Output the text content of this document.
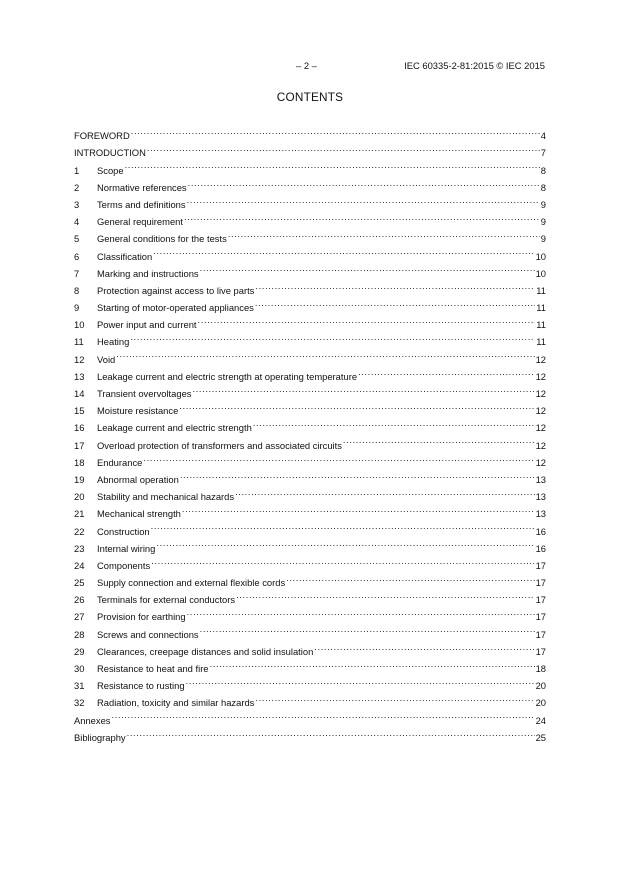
– 2 –	IEC 60335-2-81:2015 © IEC 2015
CONTENTS
FOREWORD .....	4
INTRODUCTION .....	7
1	Scope .....	8
2	Normative references .....	8
3	Terms and definitions .....	9
4	General requirement .....	9
5	General conditions for the tests .....	9
6	Classification .....	10
7	Marking and instructions .....	10
8	Protection against access to live parts .....	11
9	Starting of motor-operated appliances .....	11
10	Power input and current .....	11
11	Heating .....	11
12	Void .....	12
13	Leakage current and electric strength at operating temperature .....	12
14	Transient overvoltages .....	12
15	Moisture resistance .....	12
16	Leakage current and electric strength .....	12
17	Overload protection of transformers and associated circuits .....	12
18	Endurance .....	12
19	Abnormal operation .....	13
20	Stability and mechanical hazards .....	13
21	Mechanical strength .....	13
22	Construction .....	16
23	Internal wiring .....	16
24	Components .....	17
25	Supply connection and external flexible cords .....	17
26	Terminals for external conductors .....	17
27	Provision for earthing .....	17
28	Screws and connections .....	17
29	Clearances, creepage distances and solid insulation .....	17
30	Resistance to heat and fire .....	18
31	Resistance to rusting .....	20
32	Radiation, toxicity and similar hazards .....	20
Annexes .....	24
Bibliography .....	25
